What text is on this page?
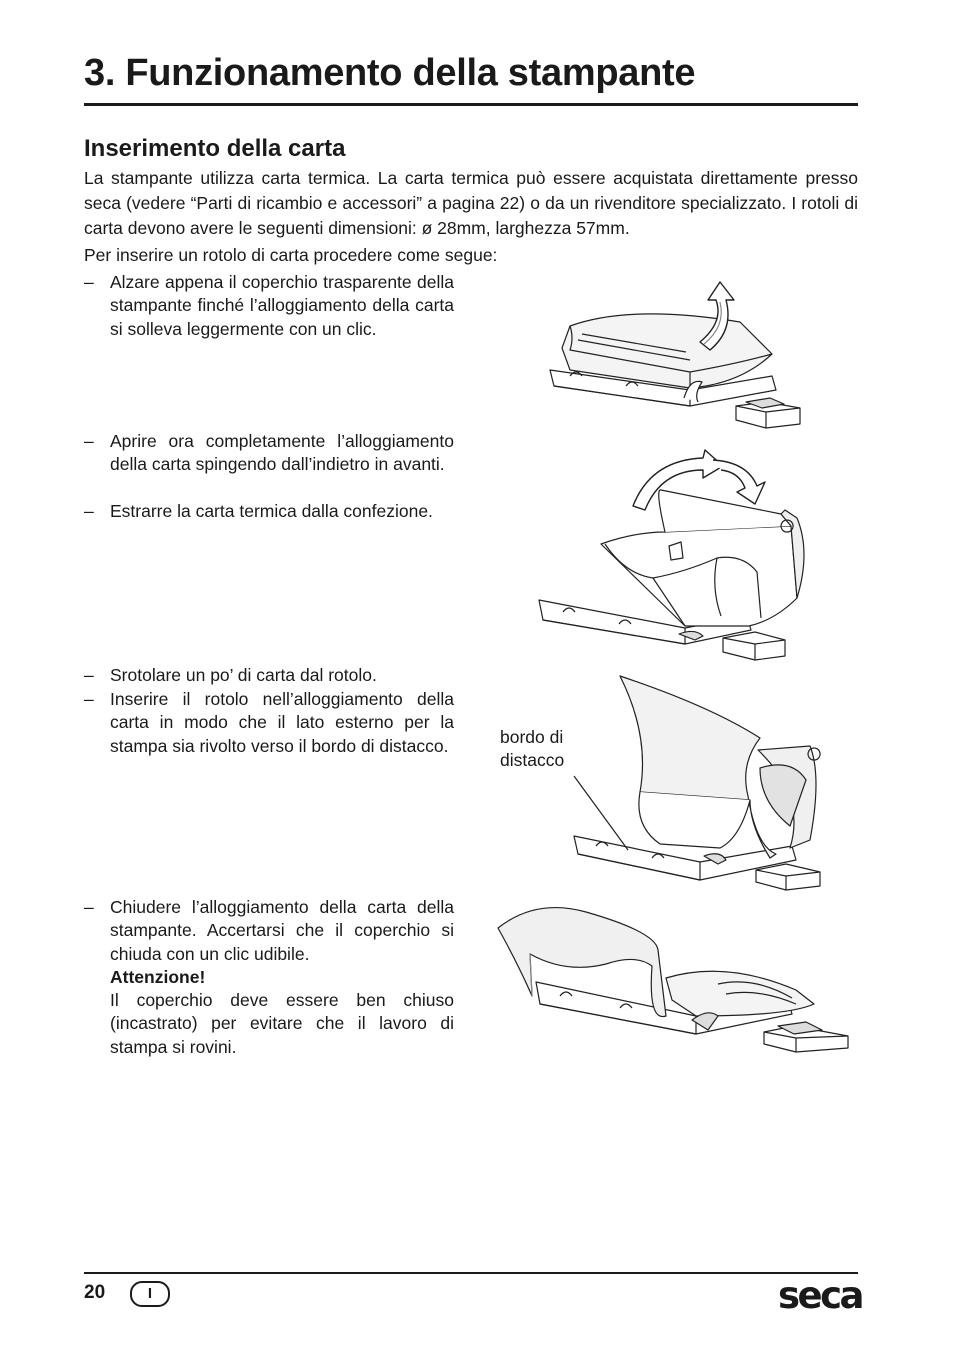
3. Funzionamento della stampante
Inserimento della carta

La stampante utilizza carta termica. La carta termica può essere acquistata direttamente presso seca (vedere “Parti di ricambio e accessori” a pagina 22) o da un rivenditore specializzato. I rotoli di carta devono avere le seguenti dimensioni: ø 28mm, larghezza 57mm.

Per inserire un rotolo di carta procedere come segue:

– Alzare appena il coperchio trasparente della stampante finché l’alloggiamento della carta si solleva leggermente con un clic.
– Aprire ora completamente l’alloggiamento della carta spingendo dall’indietro in avanti.
– Estrarre la carta termica dalla confezione.
– Srotolare un po’ di carta dal rotolo.
– Inserire il rotolo nell’alloggiamento della carta in modo che il lato esterno per la stampa sia rivolto verso il bordo di distacco.
– Chiudere l’alloggiamento della carta della stampante. Accertarsi che il coperchio si chiuda con un clic udibile.
Attenzione!
Il coperchio deve essere ben chiuso (incastrato) per evitare che il lavoro di stampa si rovini.
bordo di
distacco
20	I	seca
